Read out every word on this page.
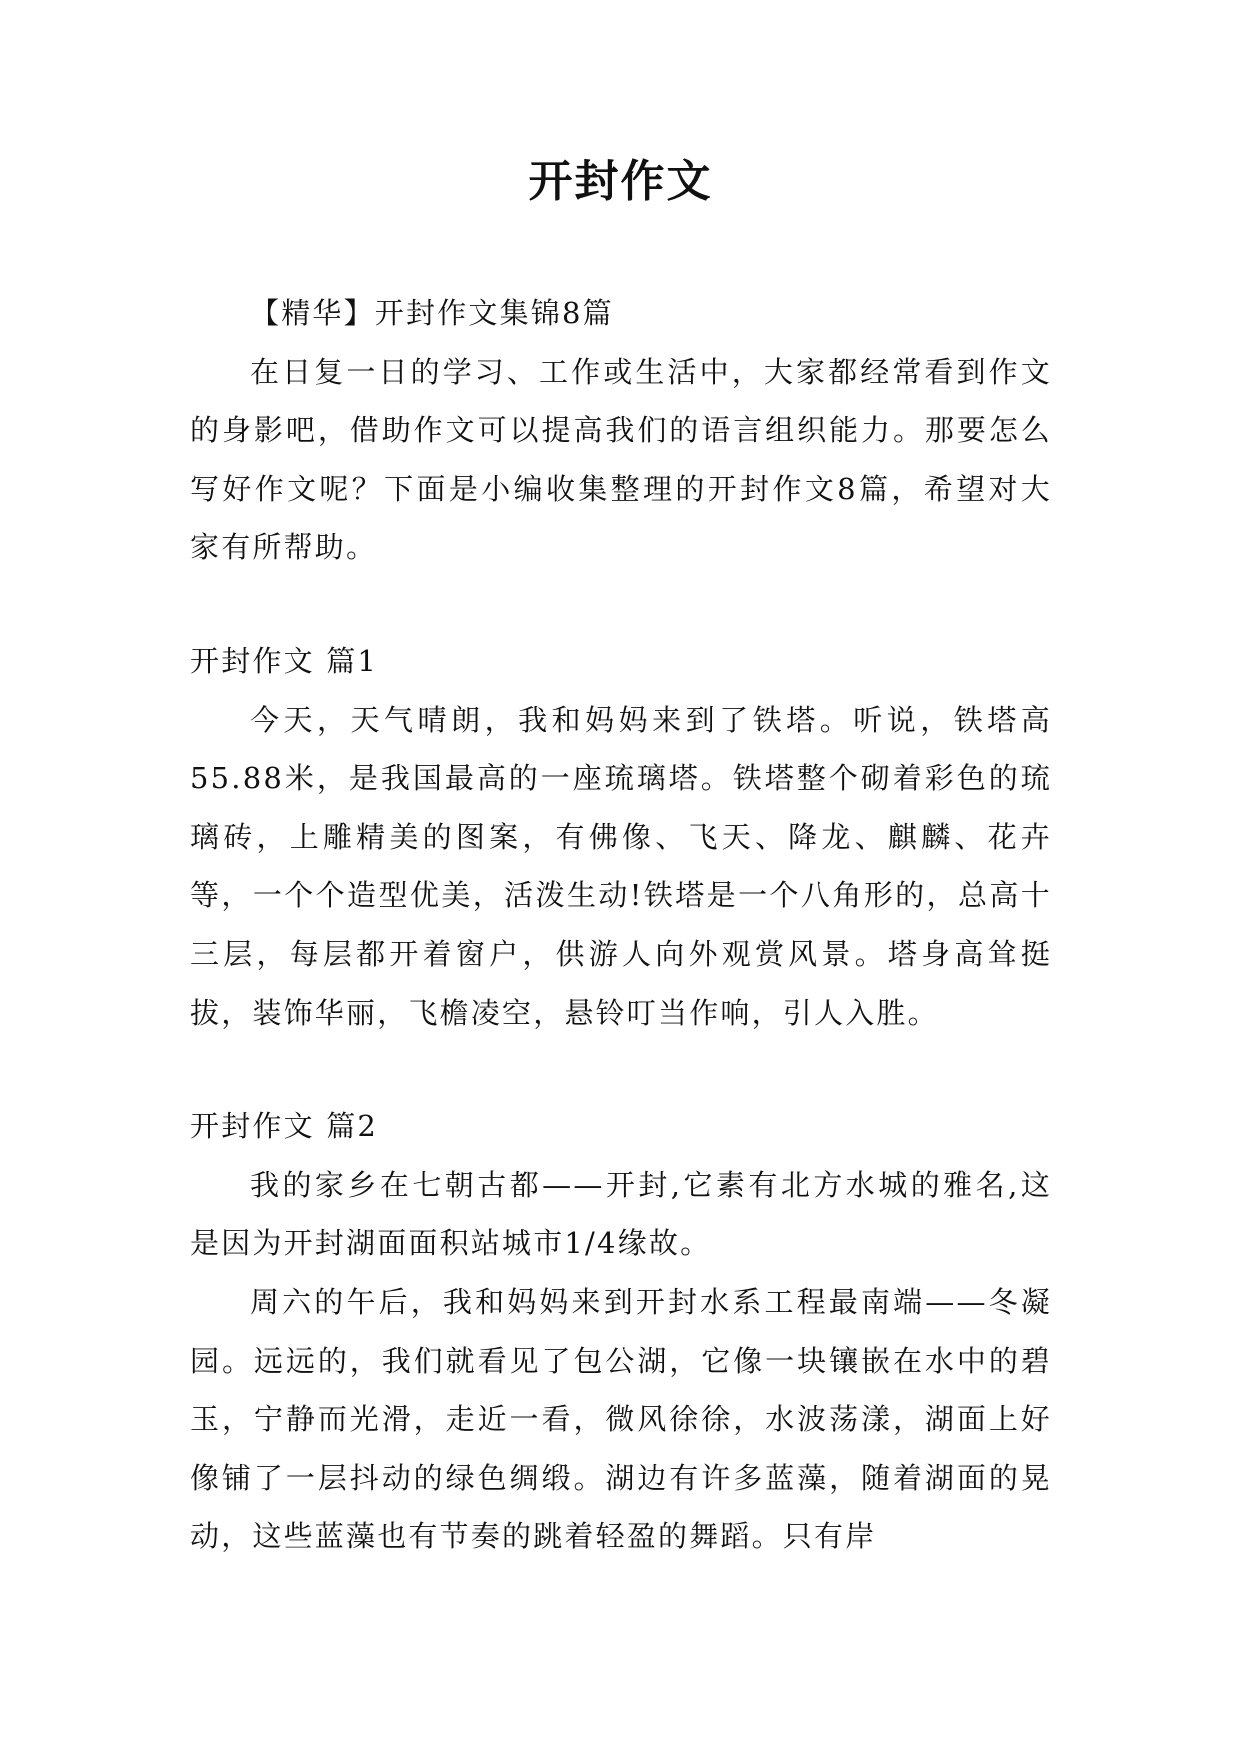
开封作文

【精华】开封作文集锦8篇

在日复一日的学习、工作或生活中，大家都经常看到作文的身影吧，借助作文可以提高我们的语言组织能力。那要怎么写好作文呢？下面是小编收集整理的开封作文8篇，希望对大家有所帮助。

开封作文 篇1

今天，天气晴朗，我和妈妈来到了铁塔。听说，铁塔高55.88米，是我国最高的一座琉璃塔。铁塔整个砌着彩色的琉璃砖，上雕精美的图案，有佛像、飞天、降龙、麒麟、花卉等，一个个造型优美，活泼生动!铁塔是一个八角形的，总高十三层，每层都开着窗户，供游人向外观赏风景。塔身高耸挺拔，装饰华丽，飞檐凌空，悬铃叮当作响，引人入胜。

开封作文 篇2

我的家乡在七朝古都——开封,它素有北方水城的雅名,这是因为开封湖面面积站城市1/4缘故。

周六的午后，我和妈妈来到开封水系工程最南端——冬凝园。远远的，我们就看见了包公湖，它像一块镶嵌在水中的碧玉，宁静而光滑，走近一看，微风徐徐，水波荡漾，湖面上好像铺了一层抖动的绿色绸缎。湖边有许多蓝藻，随着湖面的晃动，这些蓝藻也有节奏的跳着轻盈的舞蹈。只有岸
